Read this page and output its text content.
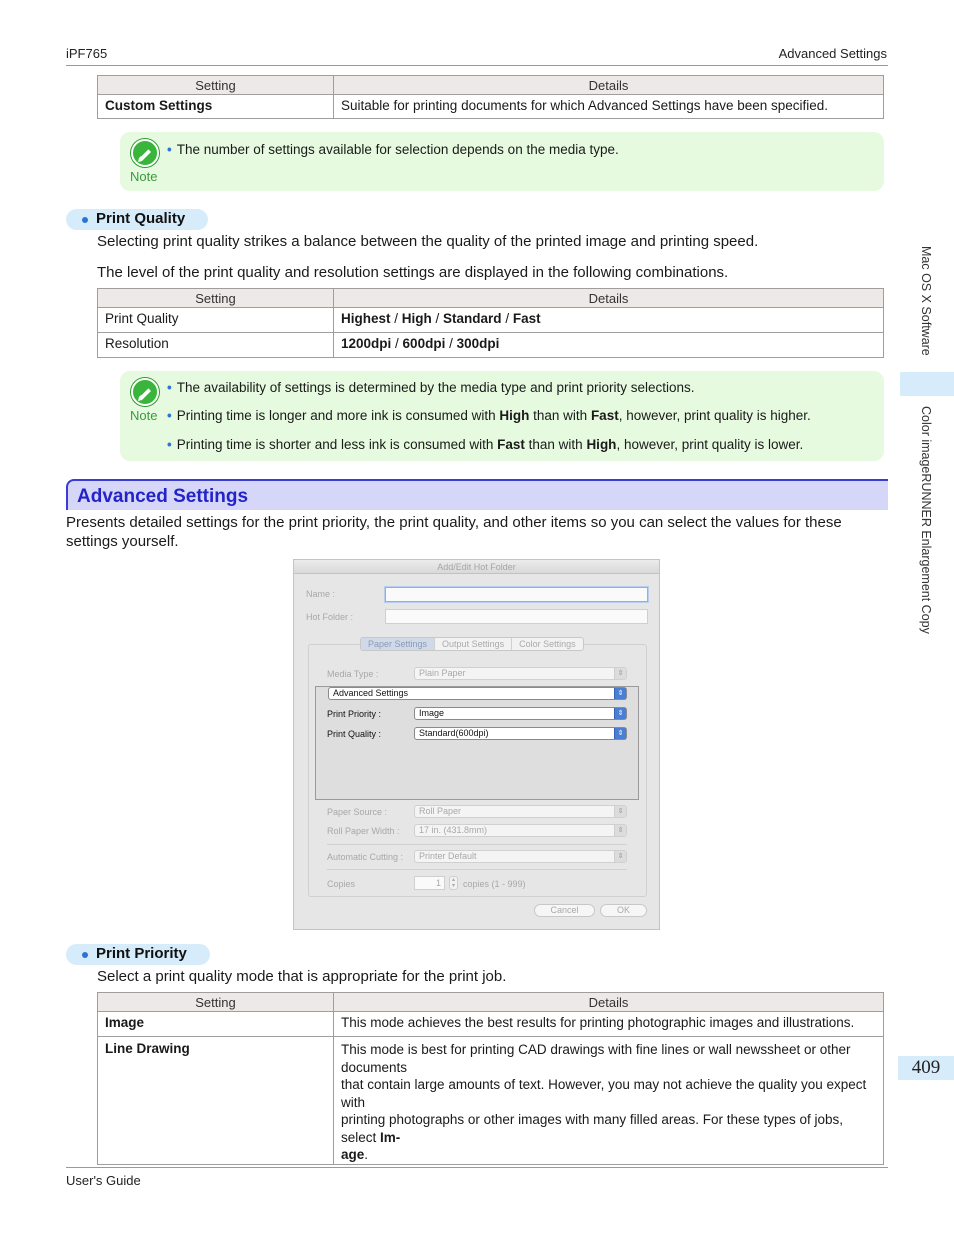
iPF765	Advanced Settings
Setting	Details
Custom Settings	Suitable for printing documents for which Advanced Settings have been specified.
Note
• The number of settings available for selection depends on the media type.
Print Quality
Selecting print quality strikes a balance between the quality of the printed image and printing speed.
The level of the print quality and resolution settings are displayed in the following combinations.
Setting	Details
Print Quality	Highest / High / Standard / Fast
Resolution	1200dpi / 600dpi / 300dpi
Note
• The availability of settings is determined by the media type and print priority selections.
• Printing time is longer and more ink is consumed with High than with Fast, however, print quality is higher.
• Printing time is shorter and less ink is consumed with Fast than with High, however, print quality is lower.
Advanced Settings
Presents detailed settings for the print priority, the print quality, and other items so you can select the values for these
settings yourself.
Add/Edit Hot Folder
Name :
Hot Folder :
Paper Settings	Output Settings	Color Settings
Media Type :	Plain Paper	⇕
Advanced Settings	⇕
Print Priority :	Image	⇕
Print Quality :	Standard(600dpi)	⇕
Paper Source :	Roll Paper	⇕
Roll Paper Width :	17 in. (431.8mm)	⇕
Automatic Cutting :	Printer Default	⇕
Copies	1	▴
▾ copies (1 - 999)
Cancel	OK
Print Priority
Select a print quality mode that is appropriate for the print job.
Setting	Details
Image	This mode achieves the best results for printing photographic images and illustrations.
Line Drawing	This mode is best for printing CAD drawings with fine lines or wall newssheet or other documents
that contain large amounts of text. However, you may not achieve the quality you expect with
printing photographs or other images with many filled areas. For these types of jobs, select Im-
age.
Mac OS X Software
Color imageRUNNER Enlargement Copy
409
User's Guide
